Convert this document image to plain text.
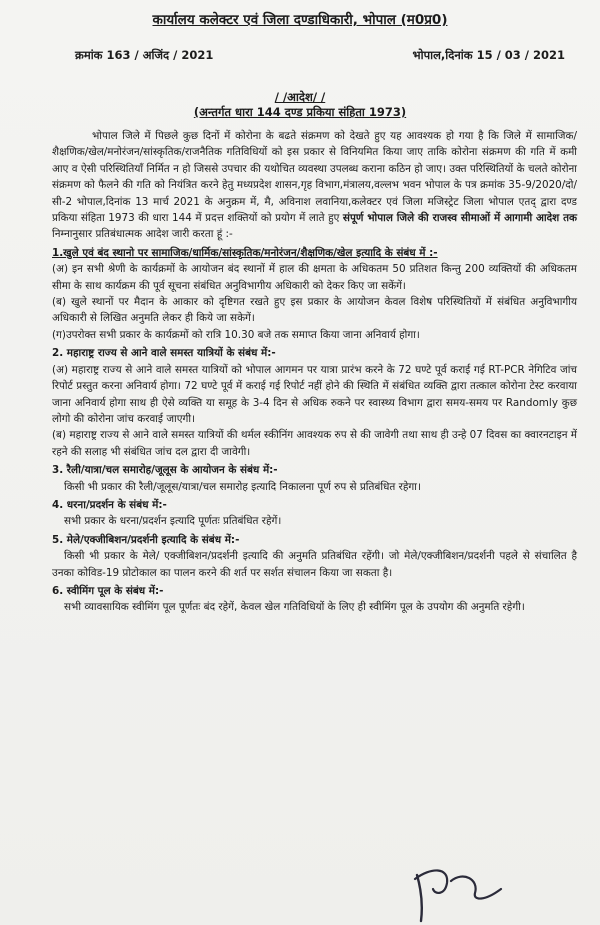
कार्यालय कलेक्टर एवं जिला दण्डाधिकारी, भोपाल (म0प्र0)
क्रमांक 163 / अजिंद / 2021	भोपाल,दिनांक 15 / 03 / 2021
/ /आदेश/ /
(अन्तर्गत धारा 144 दण्ड प्रकिया संहिता 1973)

भोपाल जिले में पिछले कुछ दिनों में कोरोना के बढते संक्रमण को देखते हुए यह आवश्यक हो गया है कि जिले में सामाजिक/शैक्षणिक/खेल/मनोरंजन/सांस्कृतिक/राजनैतिक गतिविधियों को इस प्रकार से विनियमित किया जाए ताकि कोरोना संक्रमण की गति में कमी आए व ऐसी परिस्थितियाँ निर्मित न हो जिससे उपचार की यथोचित व्यवस्था उपलब्ध कराना कठिन हो जाए। उक्त परिस्थितियों के चलते कोरोना संक्रमण को फैलने की गति को नियंत्रित करने हेतु मध्यप्रदेश शासन,गृह विभाग,मंत्रालय,वल्लभ भवन भोपाल के पत्र क्रमांक 35-9/2020/दो/सी-2 भोपाल,दिनांक 13 मार्च 2021 के अनुक्रम में, मै, अविनाश लवानिया,कलेक्टर एवं जिला मजिस्ट्रेट जिला भोपाल एतद् द्वारा दण्ड प्रकिया संहिता 1973 की धारा 144 में प्रदत्त शक्तियों को प्रयोग में लाते हुए संपूर्ण भोपाल जिले की राजस्व सीमाओं में आगामी आदेश तक निम्नानुसार प्रतिबंधात्मक आदेश जारी करता हूं :-

1.खुले एवं बंद स्थानो पर सामाजिक/धार्मिक/सांस्कृतिक/मनोरंजन/शैक्षणिक/खेल इत्यादि के संबंध में :-

(अ) इन सभी श्रेणी के कार्यक्रमों के आयोजन बंद स्थानों में हाल की क्षमता के अधिकतम 50 प्रतिशत किन्तु 200 व्यक्तियों की अधिकतम सीमा के साथ कार्यक्रम की पूर्व सूचना संबंधित अनुविभागीय अधिकारी को देकर किए जा सकेंगें।

(ब) खुले स्थानों पर मैदान के आकार को दृष्टिगत रखते हुए इस प्रकार के आयोजन केवल विशेष परिस्थितियों में संबंधित अनुविभागीय अधिकारी से लिखित अनुमति लेकर ही किये जा सकेगें।

(ग)उपरोक्त सभी प्रकार के कार्यक्रमों को रात्रि 10.30 बजे तक समाप्त किया जाना अनिवार्य होगा।

2. महाराष्ट्र राज्य से आने वाले समस्त यात्रियों के संबंध में:-

(अ) महाराष्ट्र राज्य से आने वाले समस्त यात्रियों को भोपाल आगमन पर यात्रा प्रारंभ करने के 72 घण्टे पूर्व कराई गई RT-PCR नेगिटिव जांच रिपोर्ट प्रस्तुत करना अनिवार्य होगा। 72 घण्टे पूर्व में कराई गई रिपोर्ट नहीं होने की स्थिति में संबंधित व्यक्ति द्वारा तत्काल कोरोना टेस्ट करवाया जाना अनिवार्य होगा साथ ही ऐसे व्यक्ति या समूह के 3-4 दिन से अधिक रुकने पर स्वास्थ्य विभाग द्वारा समय-समय पर Randomly कुछ लोगो की कोरोना जांच करवाई जाएगी।

(ब) महाराष्ट्र राज्य से आने वाले समस्त यात्रियों की थर्मल स्कीनिंग आवश्यक रुप से की जावेगी तथा साथ ही उन्हे 07 दिवस का क्वारनटाइन में रहने की सलाह भी संबंधित जांच दल द्वारा दी जावेगी।

3. रैली/यात्रा/चल समारोह/जूलूस के आयोजन के संबंध में:-

किसी भी प्रकार की रैली/जूलूस/यात्रा/चल समारोह इत्यादि निकालना पूर्ण रुप से प्रतिबंधित रहेगा।

4. धरना/प्रदर्शन के संबंध में:-

सभी प्रकार के धरना/प्रदर्शन इत्यादि पूर्णतः प्रतिबंधित रहेगें।

5. मेले/एक्जीबिशन/प्रदर्शनी इत्यादि के संबंध में:-

किसी भी प्रकार के मेले/ एक्जीबिशन/प्रदर्शनी इत्यादि की अनुमति प्रतिबंधित रहेंगी। जो मेले/एक्जीबिशन/प्रदर्शनी पहले से संचालित है उनका कोविड-19 प्रोटोकाल का पालन करने की शर्त पर सर्शत संचालन किया जा सकता है।

6. स्वीमिंग पूल के संबंध में:-

सभी व्यावसायिक स्वीमिंग पूल पूर्णतः बंद रहेगें, केवल खेल गतिविधियों के लिए ही स्वीमिंग पूल के उपयोग की अनुमति रहेगी।
